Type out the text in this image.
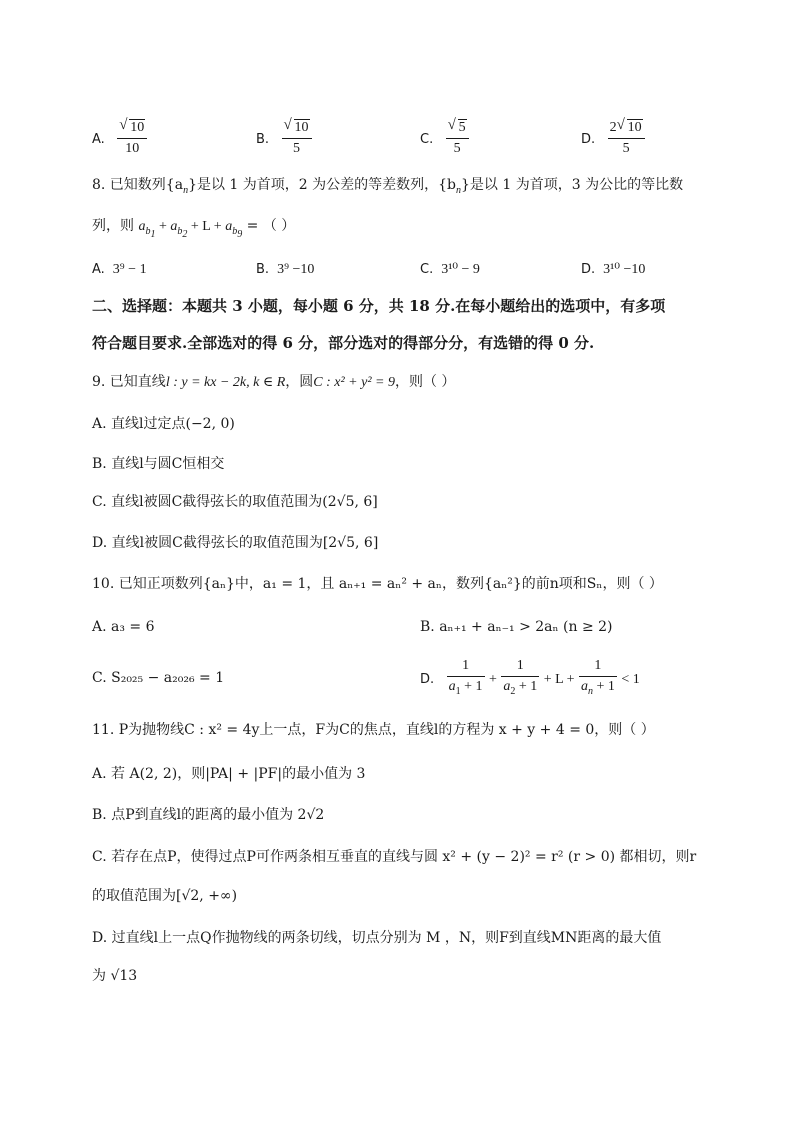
A. $\frac{√ 10}{10}$	B. $\frac{√ 10}{5}$	C. $\frac{√ 5}{5}$	D. $\frac{2 √ 10}{5}$
8. 已知数列$\{a_n\}$是以 1 为首项，2 为公差的等差数列，$\{b_n\}$是以 1 为首项，3 为公比的等比数
列，则 $a_{b_1} + a_{b_2} + L + a_{b_9}$ = （ ）
A. 3⁹ − 1	B. 3⁹ −10	C. 3¹⁰ − 9	D. 3¹⁰ −10
二、选择题：本题共 3 小题，每小题 6 分，共 18 分.在每小题给出的选项中，有多项
符合题目要求.全部选对的得 6 分，部分选对的得部分分，有选错的得 0 分.
9. 已知直线l : y = kx − 2k, k ∈ R，圆C : x² + y² = 9，则（ ）
A. 直线l过定点(−2, 0)
B. 直线l与圆C恒相交
C. 直线l被圆C截得弦长的取值范围为(2√5, 6]
D. 直线l被圆C截得弦长的取值范围为[2√5, 6]
10. 已知正项数列{aₙ}中，a₁ = 1，且 aₙ₊₁ = aₙ² + aₙ，数列{aₙ²}的前n项和Sₙ，则（ ）
A. a₃ = 6	B. aₙ₊₁ + aₙ₋₁ > 2aₙ (n ≥ 2)
C. S₂₀₂₅ − a₂₀₂₆ = 1	D. $\frac{1}{a_1 + 1} + \frac{1}{a_2 + 1} + L + \frac{1}{a_n + 1} < 1$
11. P为抛物线C : x² = 4y上一点，F为C的焦点，直线l的方程为 x + y + 4 = 0，则（ ）
A. 若 A(2, 2)，则|PA| + |PF|的最小值为 3
B. 点P到直线l的距离的最小值为 2√2
C. 若存在点P，使得过点P可作两条相互垂直的直线与圆 x² + (y − 2)² = r² (r > 0) 都相切，则r
的取值范围为[√2, +∞)
D. 过直线l上一点Q作抛物线的两条切线，切点分别为 M ，N，则F到直线MN距离的最大值
为 √13
